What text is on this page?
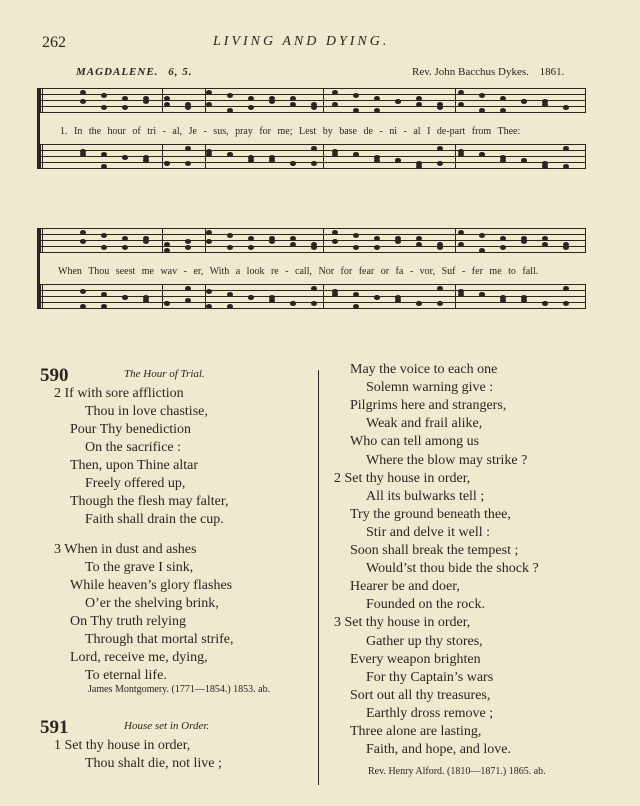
262	LIVING AND DYING.
MAGDALENE. 6, 5.	Rev. John Bacchus Dykes. 1861.
1. In the hour of tri - al, Je - sus, pray for me; Lest by base de - ni - al I de-part from Thee:
When Thou seest me wav - er, With a look re - call, Nor for fear or fa - vor, Suf - fer me to fall.
590	The Hour of Trial.
2 If with sore affliction
Thou in love chastise,
Pour Thy benediction
On the sacrifice :
Then, upon Thine altar
Freely offered up,
Though the flesh may falter,
Faith shall drain the cup.
3 When in dust and ashes
To the grave I sink,
While heaven’s glory flashes
O’er the shelving brink,
On Thy truth relying
Through that mortal strife,
Lord, receive me, dying,
To eternal life.
James Montgomery. (1771—1854.) 1853. ab.
591	House set in Order.
1 Set thy house in order,
Thou shalt die, not live ;
May the voice to each one
Solemn warning give :
Pilgrims here and strangers,
Weak and frail alike,
Who can tell among us
Where the blow may strike ?
2 Set thy house in order,
All its bulwarks tell ;
Try the ground beneath thee,
Stir and delve it well :
Soon shall break the tempest ;
Would’st thou bide the shock ?
Hearer be and doer,
Founded on the rock.
3 Set thy house in order,
Gather up thy stores,
Every weapon brighten
For thy Captain’s wars
Sort out all thy treasures,
Earthly dross remove ;
Three alone are lasting,
Faith, and hope, and love.
Rev. Henry Alford. (1810—1871.) 1865. ab.
